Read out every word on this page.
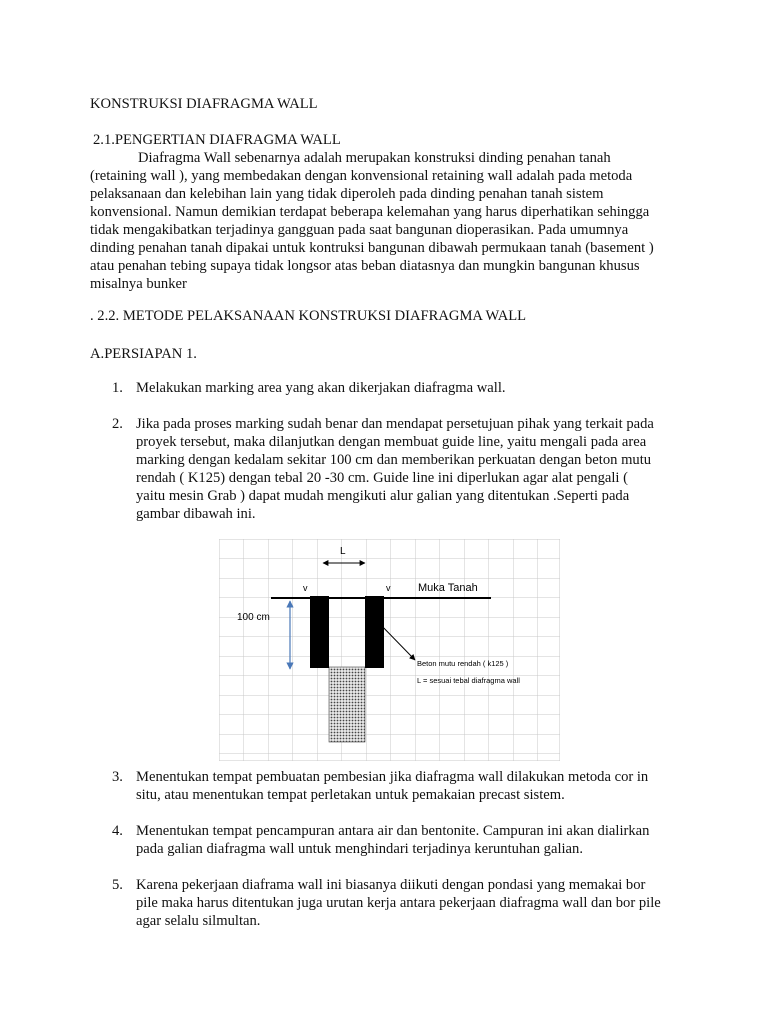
KONSTRUKSI DIAFRAGMA WALL

2.1.PENGERTIAN DIAFRAGMA WALL

Diafragma Wall sebenarnya adalah merupakan konstruksi dinding penahan tanah
(retaining wall ), yang membedakan dengan konvensional retaining wall adalah pada metoda
pelaksanaan dan kelebihan lain yang tidak diperoleh pada dinding penahan tanah sistem
konvensional. Namun demikian terdapat beberapa kelemahan yang harus diperhatikan sehingga
tidak mengakibatkan terjadinya gangguan pada saat bangunan dioperasikan. Pada umumnya
dinding penahan tanah dipakai untuk kontruksi bangunan dibawah permukaan tanah (basement )
atau penahan tebing supaya tidak longsor atas beban diatasnya dan mungkin bangunan khusus
misalnya bunker

. 2.2. METODE PELAKSANAAN KONSTRUKSI DIAFRAGMA WALL

A.PERSIAPAN 1.

1. Melakukan marking area yang akan dikerjakan diafragma wall.
2. Jika pada proses marking sudah benar dan mendapat persetujuan pihak yang terkait pada
proyek tersebut, maka dilanjutkan dengan membuat guide line, yaitu mengali pada area
marking dengan kedalam sekitar 100 cm dan memberikan perkuatan dengan beton mutu
rendah ( K125) dengan tebal 20 -30 cm. Guide line ini diperlukan agar alat pengali (
yaitu mesin Grab ) dapat mudah mengikuti alur galian yang ditentukan .Seperti pada
gambar dibawah ini.
L
v	v	Muka Tanah
100 cm
Beton mutu rendah ( k125 )
L = sesuai tebal diafragma wall
3. Menentukan tempat pembuatan pembesian jika diafragma wall dilakukan metoda cor in
situ, atau menentukan tempat perletakan untuk pemakaian precast sistem.
4. Menentukan tempat pencampuran antara air dan bentonite. Campuran ini akan dialirkan
pada galian diafragma wall untuk menghindari terjadinya keruntuhan galian.
5. Karena pekerjaan diaframa wall ini biasanya diikuti dengan pondasi yang memakai bor
pile maka harus ditentukan juga urutan kerja antara pekerjaan diafragma wall dan bor pile
agar selalu silmultan.
